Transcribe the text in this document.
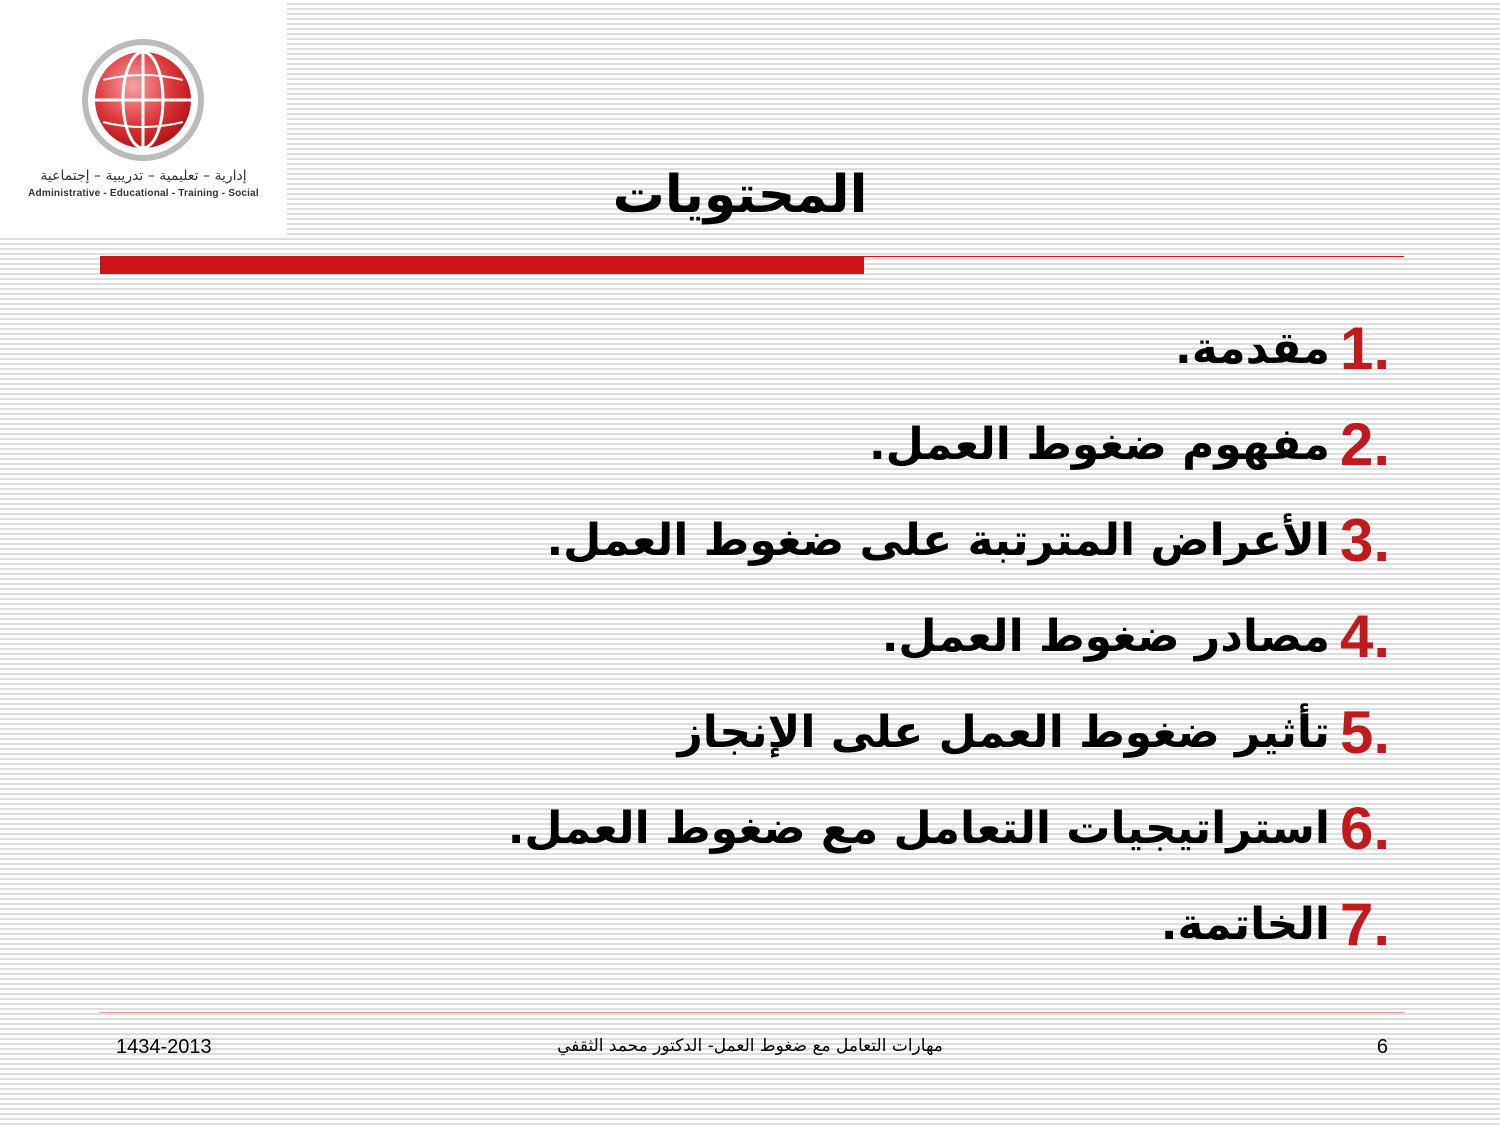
إدارية – تعليمية – تدريبية – إجتماعية
Administrative - Educational - Training - Social	المحتويات
1.
مقدمة.
2.
مفهوم ضغوط العمل.
3.
الأعراض المترتبة على ضغوط العمل.
4.
مصادر ضغوط العمل.
5.
تأثير ضغوط العمل على الإنجاز
6.
استراتيجيات التعامل مع ضغوط العمل.
7.
الخاتمة.
1434-2013	مهارات التعامل مع ضغوط العمل- الدكتور محمد الثقفي	6
